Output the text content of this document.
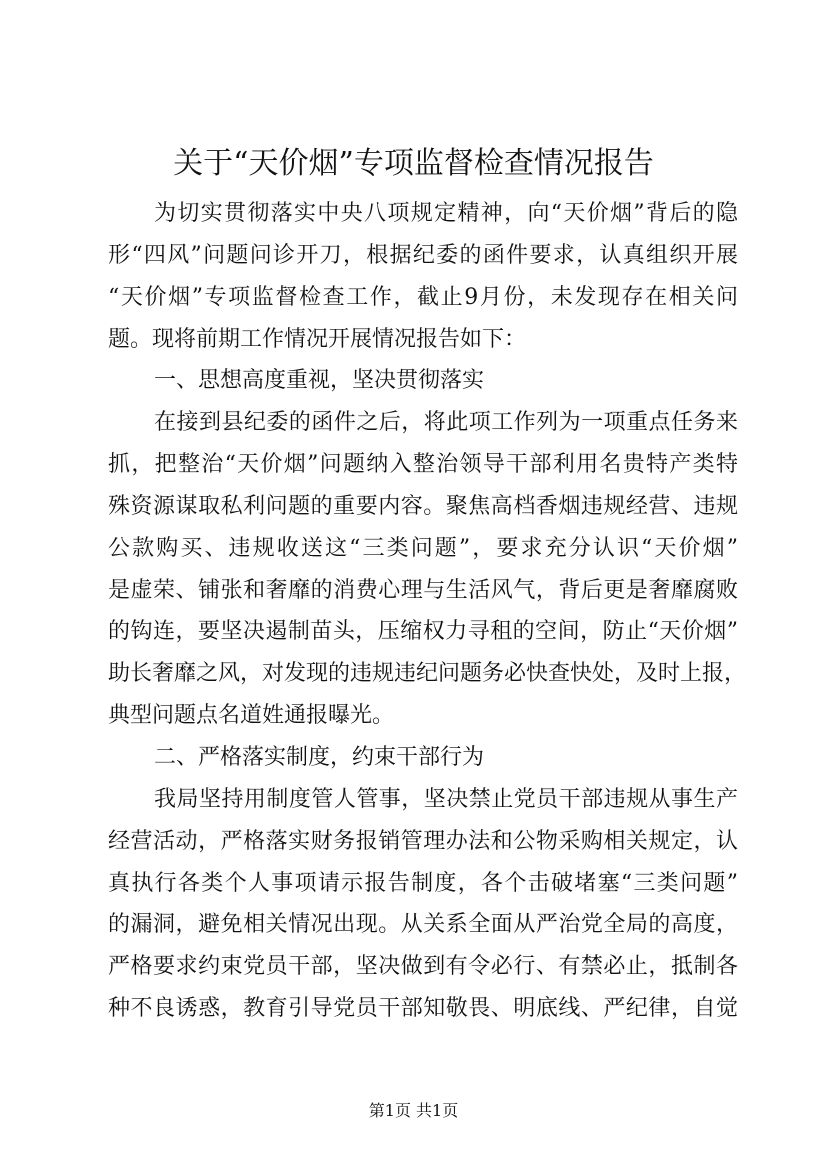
关于“天价烟”专项监督检查情况报告
为切实贯彻落实中央八项规定精神，向“天价烟”背后的隐
形“四风”问题问诊开刀，根据纪委的函件要求，认真组织开展
“天价烟”专项监督检查工作，截止9月份，未发现存在相关问
题。现将前期工作情况开展情况报告如下：
一、思想高度重视，坚决贯彻落实
在接到县纪委的函件之后，将此项工作列为一项重点任务来
抓，把整治“天价烟”问题纳入整治领导干部利用名贵特产类特
殊资源谋取私利问题的重要内容。聚焦高档香烟违规经营、违规
公款购买、违规收送这“三类问题”，要求充分认识“天价烟”
是虚荣、铺张和奢靡的消费心理与生活风气，背后更是奢靡腐败
的钩连，要坚决遏制苗头，压缩权力寻租的空间，防止“天价烟”
助长奢靡之风，对发现的违规违纪问题务必快查快处，及时上报，
典型问题点名道姓通报曝光。
二、严格落实制度，约束干部行为
我局坚持用制度管人管事，坚决禁止党员干部违规从事生产
经营活动，严格落实财务报销管理办法和公物采购相关规定，认
真执行各类个人事项请示报告制度，各个击破堵塞“三类问题”
的漏洞，避免相关情况出现。从关系全面从严治党全局的高度，
严格要求约束党员干部，坚决做到有令必行、有禁必止，抵制各
种不良诱惑，教育引导党员干部知敬畏、明底线、严纪律，自觉
第1页 共1页
